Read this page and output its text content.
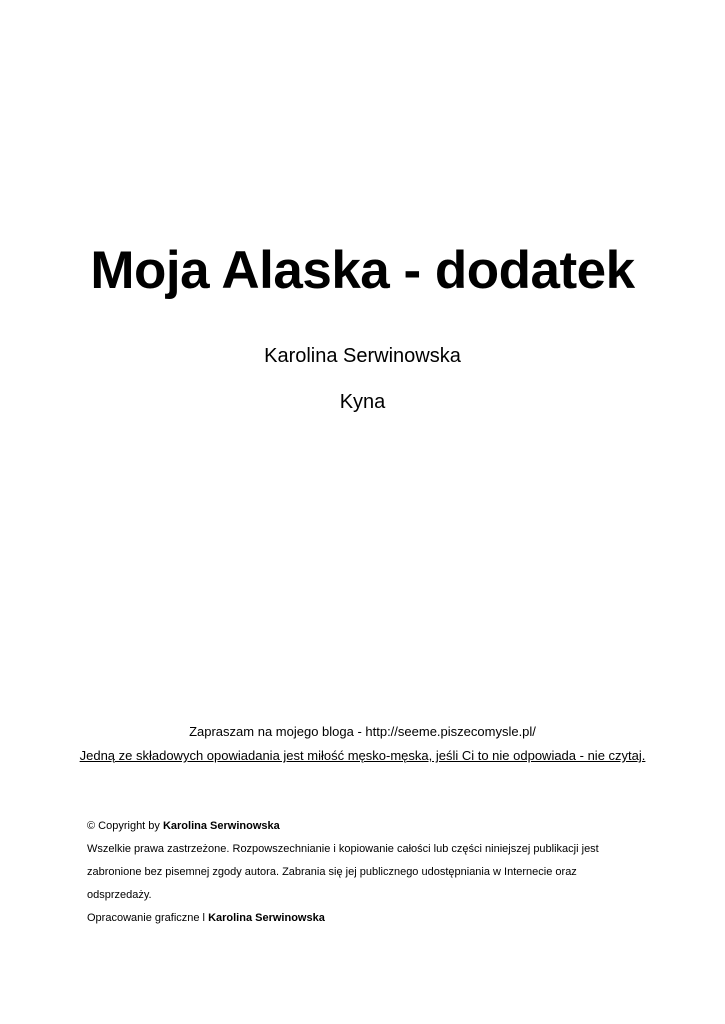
Moja Alaska - dodatek
Karolina Serwinowska
Kyna
Zapraszam na mojego bloga - http://seeme.piszecomysle.pl/
Jedną ze składowych opowiadania jest miłość męsko-męska, jeśli Ci to nie odpowiada - nie czytaj.
© Copyright by Karolina Serwinowska
Wszelkie prawa zastrzeżone. Rozpowszechnianie i kopiowanie całości lub części niniejszej publikacji jest
zabronione bez pisemnej zgody autora. Zabrania się jej publicznego udostępniania w Internecie oraz
odsprzedaży.
Opracowanie graficzne l Karolina Serwinowska
